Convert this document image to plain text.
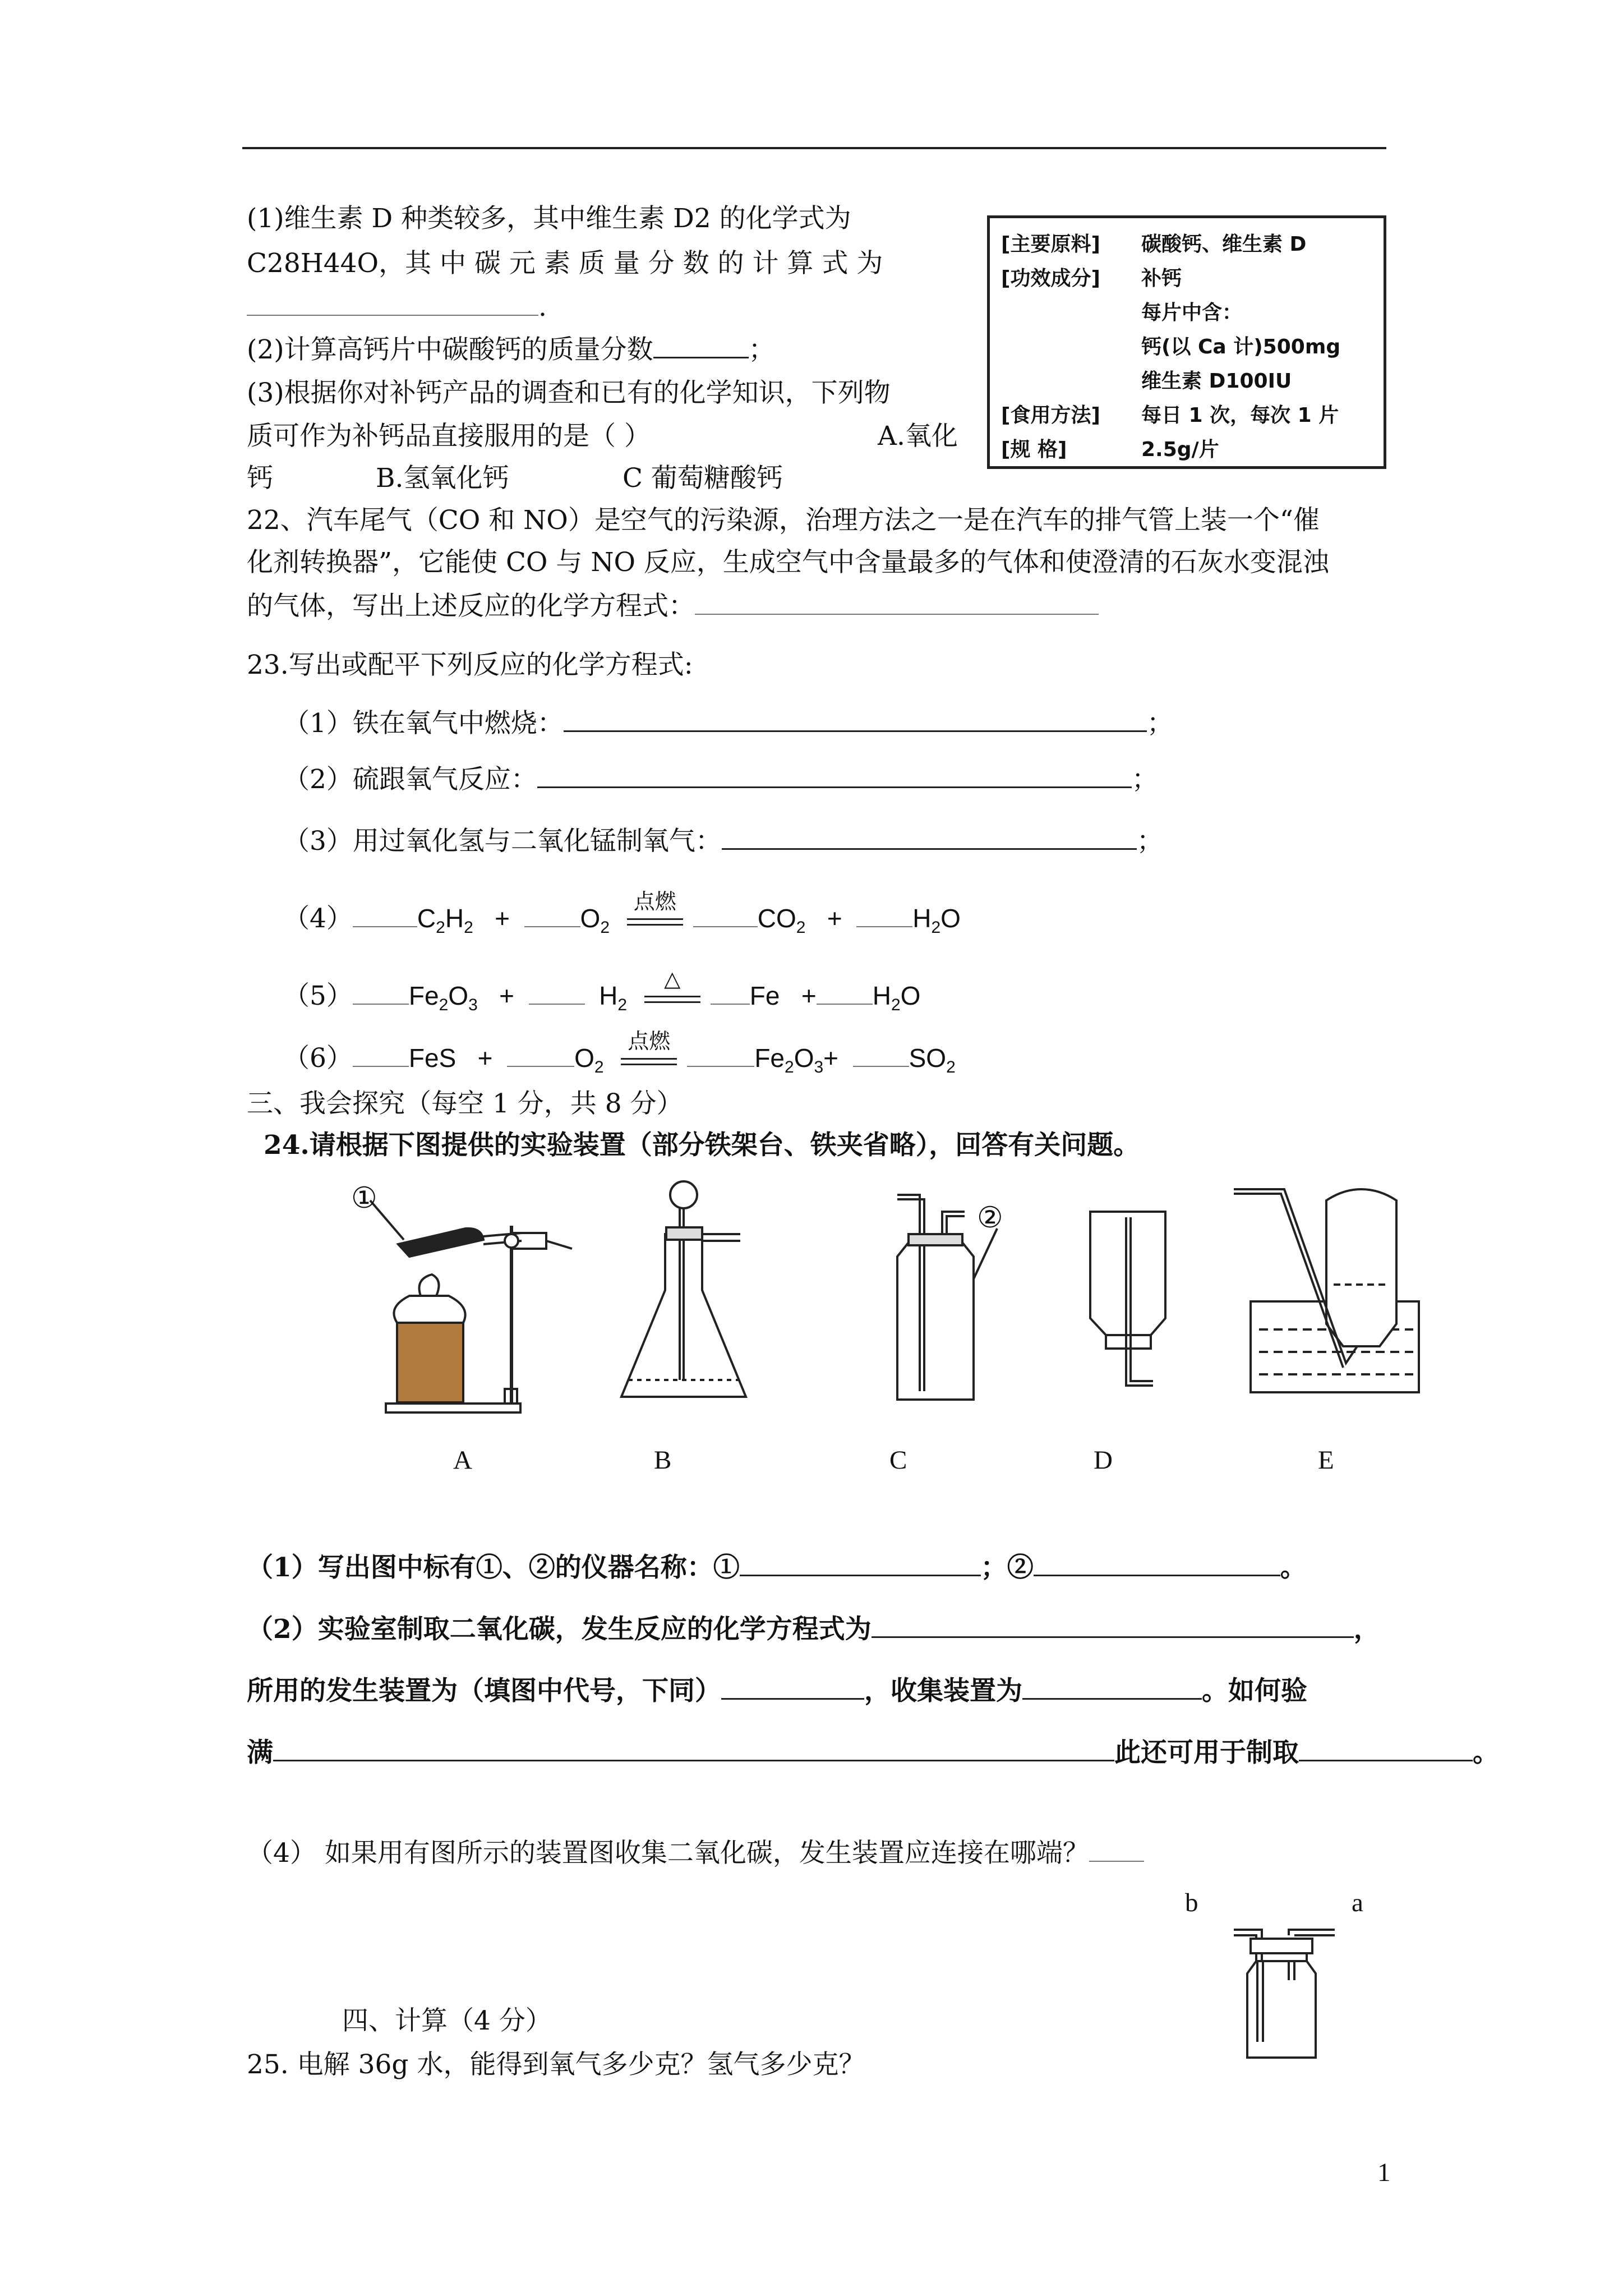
(1)维生素 D 种类较多，其中维生素 D2 的化学式为
C28H44O，其 中 碳 元 素 质 量 分 数 的 计 算 式 为
.
(2)计算高钙片中碳酸钙的质量分数	；
(3)根据你对补钙产品的调查和已有的化学知识，下列物
质可作为补钙品直接服用的是（ ）	A.氧化
钙	B.氢氧化钙	C 葡萄糖酸钙
[主要原料]	碳酸钙、维生素 D
[功效成分]	补钙
每片中含：
钙(以 Ca 计)500mg
维生素 D100IU
[食用方法]	每日 1 次，每次 1 片
[规 格]	2.5g/片
22、汽车尾气（CO 和 NO）是空气的污染源，治理方法之一是在汽车的排气管上装一个“催
化剂转换器”，它能使 CO 与 NO 反应，生成空气中含量最多的气体和使澄清的石灰水变混浊
的气体，写出上述反应的化学方程式：
23.写出或配平下列反应的化学方程式:
（1）铁在氧气中燃烧：	；
（2）硫跟氧气反应：	；
（3）用过氧化氢与二氧化锰制氧气：	；
（4）	$C_2H_2$ +	$O_2$
点燃
$CO_2$ +	$H_2O$
（5） $Fe_2O_3$ +	$H_2$
△
$Fe + H_2O$
（6） FeS +	$O_2$
点燃
$Fe_2O_3+$	$SO_2$
三、我会探究（每空 1 分，共 8 分）
24.请根据下图提供的实验装置（部分铁架台、铁夹省略），回答有关问题。
①
②
A	B	C	D	E
（1）写出图中标有①、②的仪器名称：①	；②	。
（2）实验室制取二氧化碳，发生反应的化学方程式为	，
所用的发生装置为（填图中代号，下同）	，收集装置为	。如何验
满	此还可用于制取	。
（4） 如果用有图所示的装置图收集二氧化碳，发生装置应连接在哪端？
b	a
四、计算（4 分）
25. 电解 36g 水，能得到氧气多少克？氢气多少克？
1
